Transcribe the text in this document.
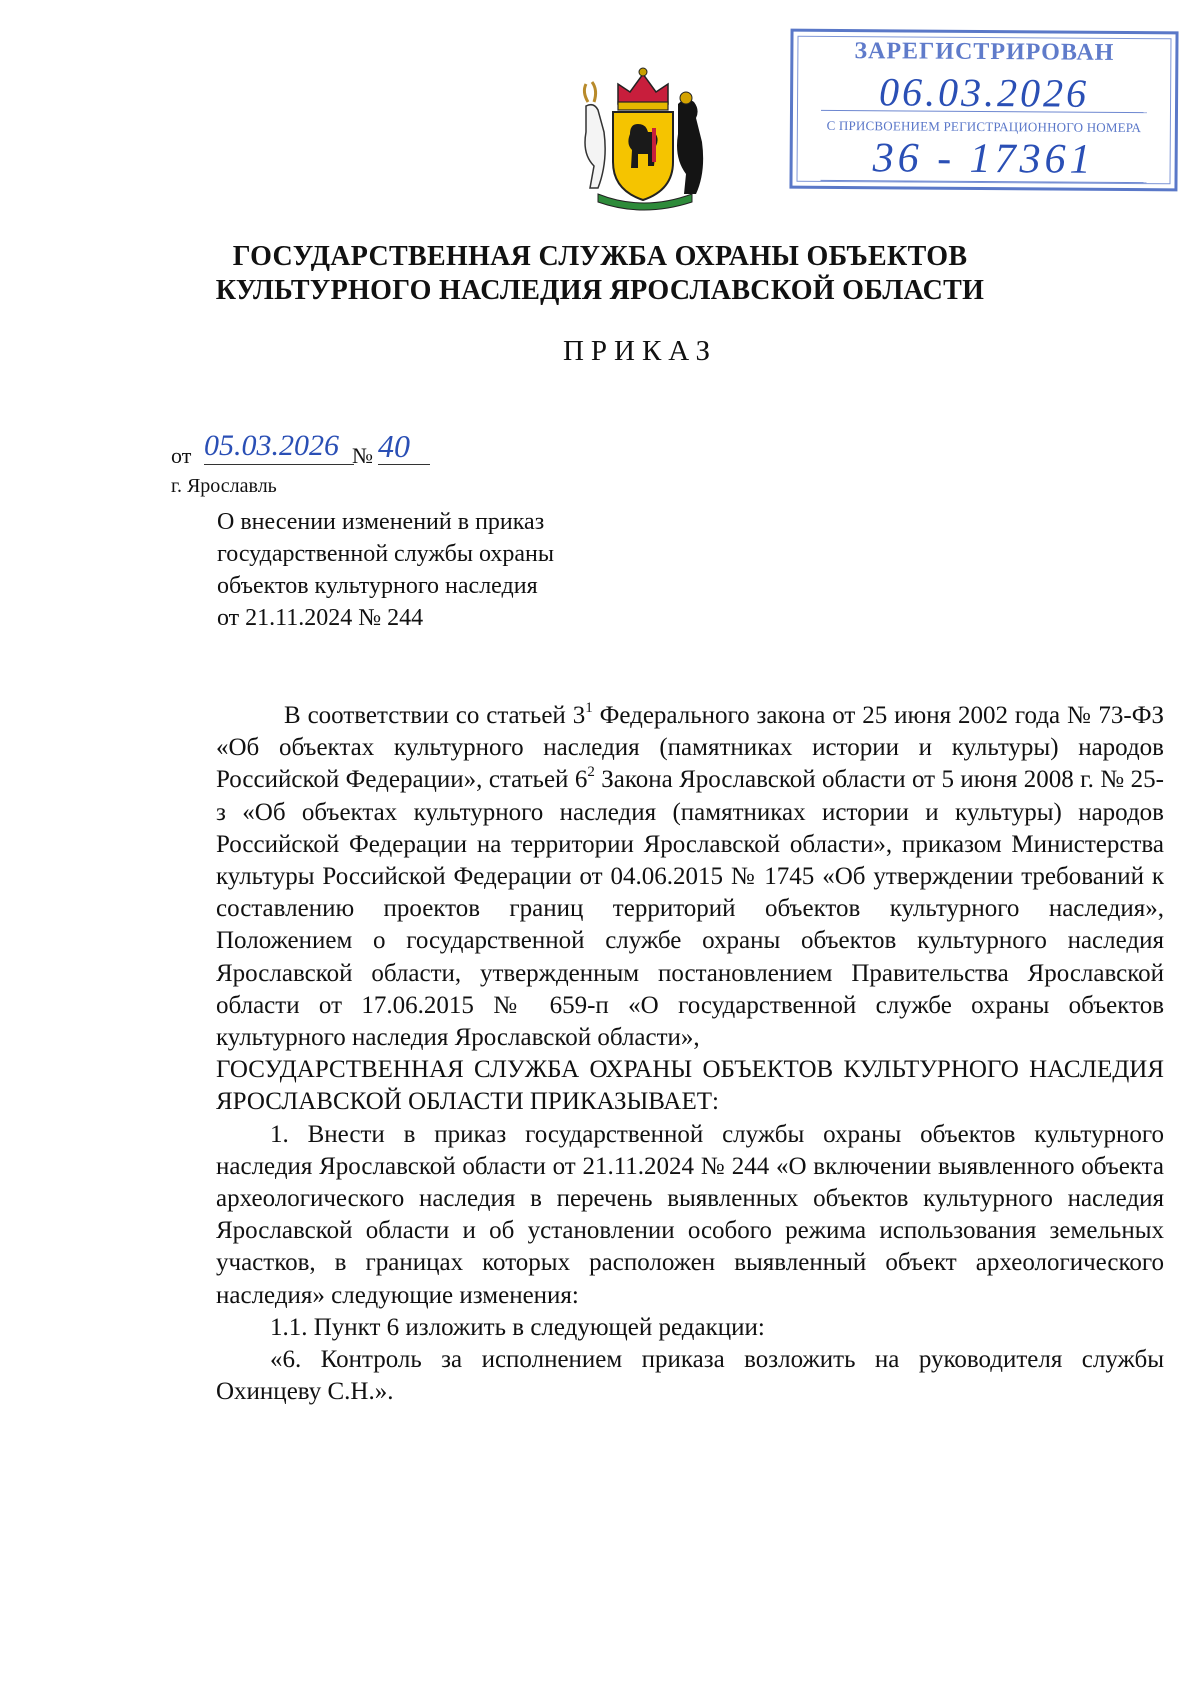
ЗАРЕГИСТРИРОВАН
06.03.2026
С ПРИСВОЕНИЕМ РЕГИСТРАЦИОННОГО НОМЕРА
36 - 17361
ГОСУДАРСТВЕННАЯ СЛУЖБА ОХРАНЫ ОБЪЕКТОВ
КУЛЬТУРНОГО НАСЛЕДИЯ ЯРОСЛАВСКОЙ ОБЛАСТИ
ПРИКАЗ
от 05.03.2026 № 40
г. Ярославль
О внесении изменений в приказ
государственной службы охраны
объектов культурного наследия
от 21.11.2024 № 244

В соответствии со статьей $3^1$ Федерального закона от 25 июня 2002 года № 73-ФЗ «Об объектах культурного наследия (памятниках истории и культуры) народов Российской Федерации», статьей $6^2$ Закона Ярославской области от 5 июня 2008 г. № 25-з «Об объектах культурного наследия (памятниках истории и культуры) народов Российской Федерации на территории Ярославской области», приказом Министерства культуры Российской Федерации от 04.06.2015 № 1745 «Об утверждении требований к составлению проектов границ территорий объектов культурного наследия», Положением о государственной службе охраны объектов культурного наследия Ярославской области, утвержденным постановлением Правительства Ярославской области от 17.06.2015 № 659-п «О государственной службе охраны объектов культурного наследия Ярославской области»,

ГОСУДАРСТВЕННАЯ СЛУЖБА ОХРАНЫ ОБЪЕКТОВ КУЛЬТУРНОГО НАСЛЕДИЯ ЯРОСЛАВСКОЙ ОБЛАСТИ ПРИКАЗЫВАЕТ:

1. Внести в приказ государственной службы охраны объектов культурного наследия Ярославской области от 21.11.2024 № 244 «О включении выявленного объекта археологического наследия в перечень выявленных объектов культурного наследия Ярославской области и об установлении особого режима использования земельных участков, в границах которых расположен выявленный объект археологического наследия» следующие изменения:

1.1. Пункт 6 изложить в следующей редакции:

«6. Контроль за исполнением приказа возложить на руководителя службы Охинцеву С.Н.».
